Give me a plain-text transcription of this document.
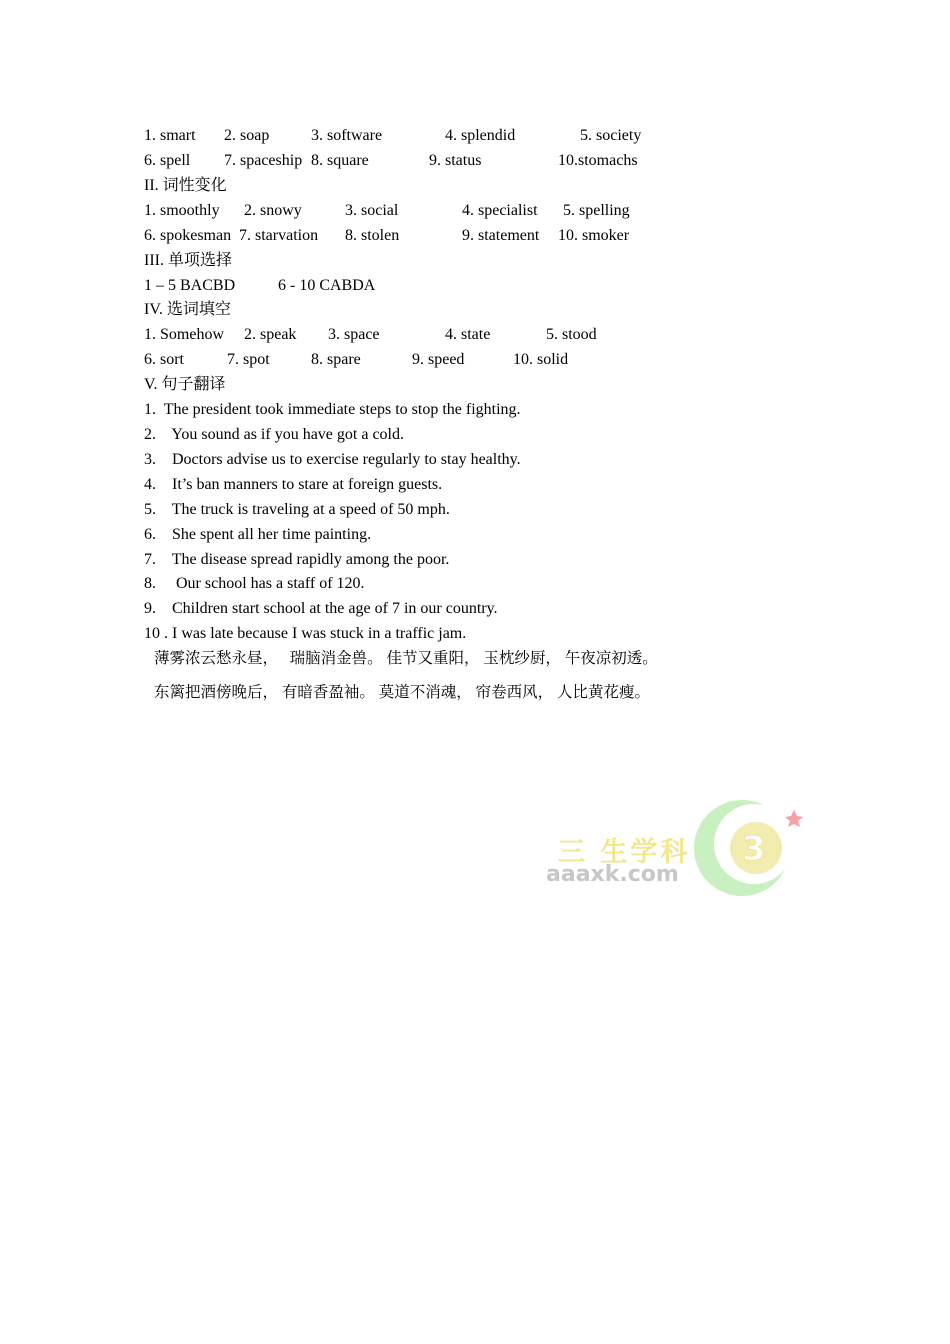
1. smart 2. soap	3. software	4. splendid	5. society
6. spell 7. spaceship 8. square	9. status	10.stomachs
II. 词性变化
1. smoothly 2. snowy	3. social	4. specialist 5. spelling
6. spokesman 7. starvation 8. stolen	9. statement 10. smoker
III. 单项选择
1 – 5 BACBD	6 - 10 CABDA
IV. 选词填空
1. Somehow 2. speak 3. space	4. state	5. stood
6. sort	7. spot	8. spare	9. speed	10. solid
V. 句子翻译
1.  The president took immediate steps to stop the fighting.
2.    You sound as if you have got a cold.
3.    Doctors advise us to exercise regularly to stay healthy.
4.    It’s ban manners to stare at foreign guests.
5.    The truck is traveling at a speed of 50 mph.
6.    She spent all her time painting.
7.    The disease spread rapidly among the poor.
8.     Our school has a staff of 120.
9.    Children start school at the age of 7 in our country.
10 . I was late because I was stuck in a traffic jam.
薄雾浓云愁永昼，   瑞脑消金兽。 佳节又重阳， 玉枕纱厨， 午夜凉初透。
东篱把酒傍晚后， 有暗香盈袖。 莫道不消魂， 帘卷西风， 人比黄花瘦。
三 生学科
aaaxk.com
3
